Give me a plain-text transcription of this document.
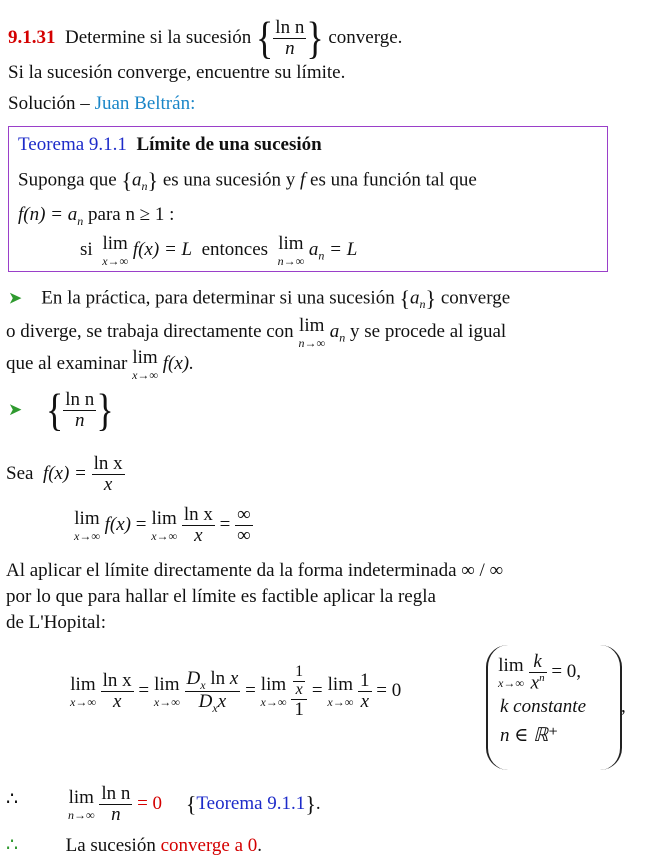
9.1.31 Determine si la sucesión { $\frac{\text{ln n}}{n}$ } converge.
Si la sucesión converge, encuentre su límite.
Solución – Juan Beltrán:
Teorema 9.1.1 Límite de una sucesión
Suponga que $\{a_n\}$ es una sucesión y f es una función tal que
$f(n) = a_n$ para n ≥ 1 :
si lim
x→∞
f(x) = L entonces lim
n→∞
$a_n = L$
➤ En la práctica, para determinar si una sucesión $\{a_n\}$ converge
o diverge, se trabaja directamente con lim
n→∞
$a_n$ y se procede al igual
que al examinar lim
x→∞
f(x).
➤ { $\frac{\text{ln n}}{n}$ }
Sea $f(x) = \frac{\text{ln x}}{x}$
lim
x→∞
f(x) = lim
x→∞
$\frac{\text{ln x}}{x} = \frac{\infty}{\infty}$
Al aplicar el límite directamente da la forma indeterminada ∞ / ∞
por lo que para hallar el límite es factible aplicar la regla
de L'Hopital:
lim
x→∞
$\frac{\text{ln x}}{x} = \lim$
x→∞
$\frac{D_x \ln x}{D_xx} = \lim$
x→∞
$\frac{\frac{1}{x}}{1} = \lim$
x→∞
$\frac{1}{x} = 0$
lim
x→∞
$\frac{k}{x^n} = 0$,
k constante
n ∈ ℝ⁺
,
∴	lim
n→∞
$\frac{\text{ln n}}{n} = 0$ {Teorema 9.1.1}.
∴	La sucesión converge a 0.
